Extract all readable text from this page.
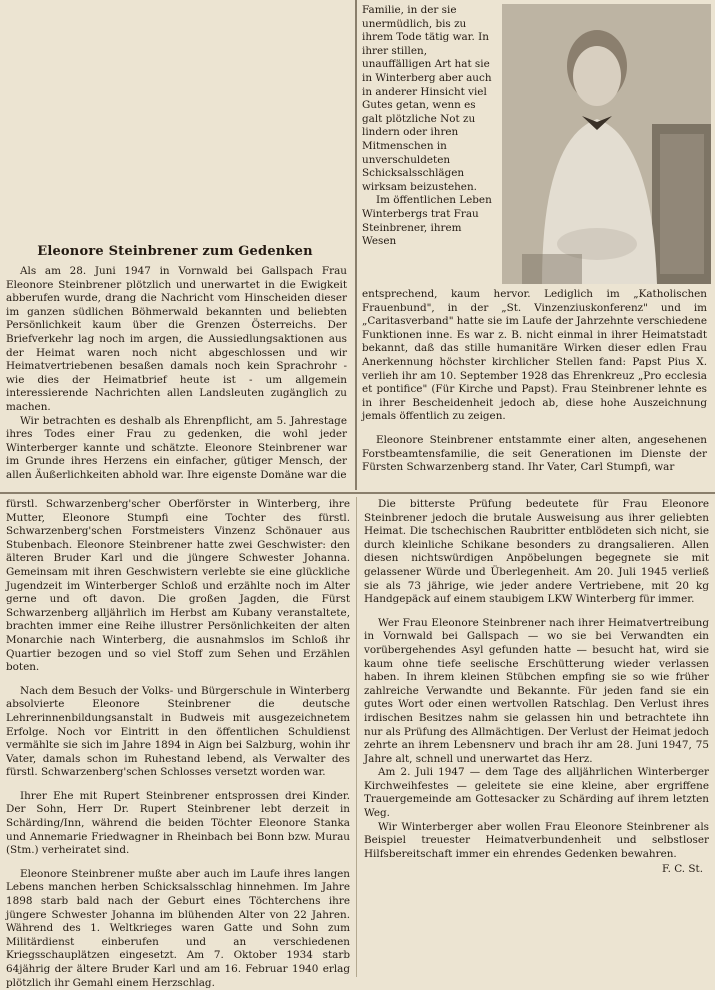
Eleonore Steinbrener zum Gedenken

Als am 28. Juni 1947 in Vornwald bei Gallspach Frau Eleonore Steinbrener plötzlich und unerwartet in die Ewigkeit abberufen wurde, drang die Nachricht vom Hinscheiden dieser im ganzen südlichen Böhmerwald bekannten und beliebten Persönlichkeit kaum über die Grenzen Österreichs. Der Briefverkehr lag noch im argen, die Aussiedlungsaktionen aus der Heimat waren noch nicht abgeschlossen und wir Heimatvertriebenen besaßen damals noch kein Sprachrohr - wie dies der Heimatbrief heute ist - um allgemein interessierende Nachrichten allen Landsleuten zugänglich zu machen.

Wir betrachten es deshalb als Ehrenpflicht, am 5. Jahrestage ihres Todes einer Frau zu gedenken, die wohl jeder Winterberger kannte und schätzte. Eleonore Steinbrener war im Grunde ihres Herzens ein einfacher, gütiger Mensch, der allen Äußerlichkeiten abhold war. Ihre eigenste Domäne war die

Familie, in der sie unermüdlich, bis zu ihrem Tode tätig war. In ihrer stillen, unauffälligen Art hat sie in Winterberg aber auch in anderer Hinsicht viel Gutes getan, wenn es galt plötzliche Not zu lindern oder ihren Mitmenschen in unverschuldeten Schicksalsschlägen wirksam beizustehen.

Im öffentlichen Leben Winterbergs trat Frau Steinbrener, ihrem Wesen

entsprechend, kaum hervor. Lediglich im „Katholischen Frauenbund", in der „St. Vinzenziuskonferenz" und im „Caritasverband" hatte sie im Laufe der Jahrzehnte verschiedene Funktionen inne. Es war z. B. nicht einmal in ihrer Heimatstadt bekannt, daß das stille humanitäre Wirken dieser edlen Frau Anerkennung höchster kirchlicher Stellen fand: Papst Pius X. verlieh ihr am 10. September 1928 das Ehrenkreuz „Pro ecclesia et pontifice" (Für Kirche und Papst). Frau Steinbrener lehnte es in ihrer Bescheidenheit jedoch ab, diese hohe Auszeichnung jemals öffentlich zu zeigen.

Eleonore Steinbrener entstammte einer alten, angesehenen Forstbeamtensfamilie, die seit Generationen im Dienste der Fürsten Schwarzenberg stand. Ihr Vater, Carl Stumpfi, war

fürstl. Schwarzenberg'scher Oberförster in Winterberg, ihre Mutter, Eleonore Stumpfi eine Tochter des fürstl. Schwarzenberg'schen Forstmeisters Vinzenz Schönauer aus Stubenbach. Eleonore Steinbrener hatte zwei Geschwister: den älteren Bruder Karl und die jüngere Schwester Johanna. Gemeinsam mit ihren Geschwistern verlebte sie eine glückliche Jugendzeit im Winterberger Schloß und erzählte noch im Alter gerne und oft davon. Die großen Jagden, die Fürst Schwarzenberg alljährlich im Herbst am Kubany veranstaltete, brachten immer eine Reihe illustrer Persönlichkeiten der alten Monarchie nach Winterberg, die ausnahmslos im Schloß ihr Quartier bezogen und so viel Stoff zum Sehen und Erzählen boten.

Nach dem Besuch der Volks- und Bürgerschule in Winterberg absolvierte Eleonore Steinbrener die deutsche Lehrerinnenbildungsanstalt in Budweis mit ausgezeichnetem Erfolge. Noch vor Eintritt in den öffentlichen Schuldienst vermählte sie sich im Jahre 1894 in Aign bei Salzburg, wohin ihr Vater, damals schon im Ruhestand lebend, als Verwalter des fürstl. Schwarzenberg'schen Schlosses versetzt worden war.

Ihrer Ehe mit Rupert Steinbrener entsprossen drei Kinder. Der Sohn, Herr Dr. Rupert Steinbrener lebt derzeit in Schärding/Inn, während die beiden Töchter Eleonore Stanka und Annemarie Friedwagner in Rheinbach bei Bonn bzw. Murau (Stm.) verheiratet sind.

Eleonore Steinbrener mußte aber auch im Laufe ihres langen Lebens manchen herben Schicksalsschlag hinnehmen. Im Jahre 1898 starb bald nach der Geburt eines Töchterchens ihre jüngere Schwester Johanna im blühenden Alter von 22 Jahren. Während des 1. Weltkrieges waren Gatte und Sohn zum Militärdienst einberufen und an verschiedenen Kriegsschauplätzen eingesetzt. Am 7. Oktober 1934 starb 64jährig der ältere Bruder Karl und am 16. Februar 1940 erlag plötzlich ihr Gemahl einem Herzschlag.

Die bitterste Prüfung bedeutete für Frau Eleonore Steinbrener jedoch die brutale Ausweisung aus ihrer geliebten Heimat. Die tschechischen Raubritter entblödeten sich nicht, sie durch kleinliche Schikane besonders zu drangsalieren. Allen diesen nichtswürdigen Anpöbelungen begegnete sie mit gelassener Würde und Überlegenheit. Am 20. Juli 1945 verließ sie als 73 jährige, wie jeder andere Vertriebene, mit 20 kg Handgepäck auf einem staubigem LKW Winterberg für immer.

Wer Frau Eleonore Steinbrener nach ihrer Heimatvertreibung in Vornwald bei Gallspach — wo sie bei Verwandten ein vorübergehendes Asyl gefunden hatte — besucht hat, wird sie kaum ohne tiefe seelische Erschütterung wieder verlassen haben. In ihrem kleinen Stübchen empfing sie so wie früher zahlreiche Verwandte und Bekannte. Für jeden fand sie ein gutes Wort oder einen wertvollen Ratschlag. Den Verlust ihres irdischen Besitzes nahm sie gelassen hin und betrachtete ihn nur als Prüfung des Allmächtigen. Der Verlust der Heimat jedoch zehrte an ihrem Lebensnerv und brach ihr am 28. Juni 1947, 75 Jahre alt, schnell und unerwartet das Herz.

Am 2. Juli 1947 — dem Tage des alljährlichen Winterberger Kirchweihfestes — geleitete sie eine kleine, aber ergriffene Trauergemeinde am Gottesacker zu Schärding auf ihrem letzten Weg.

Wir Winterberger aber wollen Frau Eleonore Steinbrener als Beispiel treuester Heimatverbundenheit und selbstloser Hilfsbereitschaft immer ein ehrendes Gedenken bewahren.

F. C. St.
